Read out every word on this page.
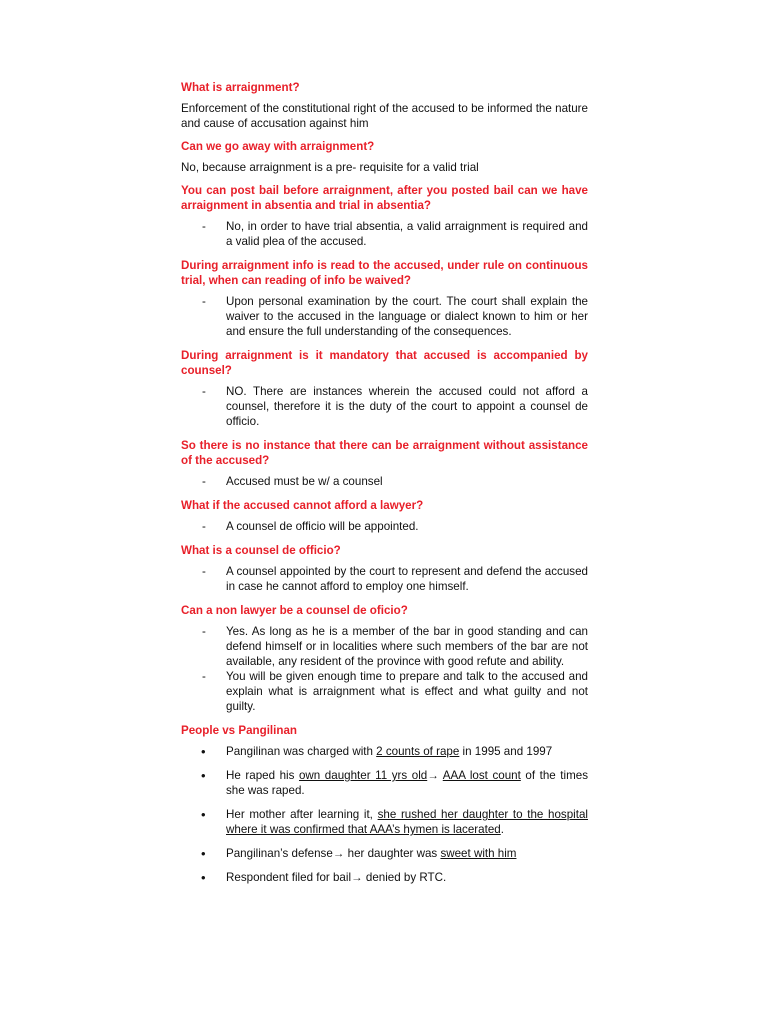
What is arraignment?

Enforcement of the constitutional right of the accused to be informed the nature and cause of accusation against him

Can we go away with arraignment?

No, because arraignment is a pre- requisite for a valid trial

You can post bail before arraignment, after you posted bail can we have arraignment in absentia and trial in absentia?

- No, in order to have trial absentia, a valid arraignment is required and a valid plea of the accused.

During arraignment info is read to the accused, under rule on continuous trial, when can reading of info be waived?

- Upon personal examination by the court. The court shall explain the waiver to the accused in the language or dialect known to him or her and ensure the full understanding of the consequences.

During arraignment is it mandatory that accused is accompanied by counsel?

- NO. There are instances wherein the accused could not afford a counsel, therefore it is the duty of the court to appoint a counsel de officio.

So there is no instance that there can be arraignment without assistance of the accused?

- Accused must be w/ a counsel

What if the accused cannot afford a lawyer?

- A counsel de officio will be appointed.

What is a counsel de officio?

- A counsel appointed by the court to represent and defend the accused in case he cannot afford to employ one himself.

Can a non lawyer be a counsel de oficio?

- Yes. As long as he is a member of the bar in good standing and can defend himself or in localities where such members of the bar are not available, any resident of the province with good refute and ability.
- You will be given enough time to prepare and talk to the accused and explain what is arraignment what is effect and what guilty and not guilty.

People vs Pangilinan

• Pangilinan was charged with 2 counts of rape in 1995 and 1997
• He raped his own daughter 11 yrs old→ AAA lost count of the times she was raped.
• Her mother after learning it, she rushed her daughter to the hospital where it was confirmed that AAA’s hymen is lacerated.
• Pangilinan’s defense→ her daughter was sweet with him
• Respondent filed for bail→ denied by RTC.
